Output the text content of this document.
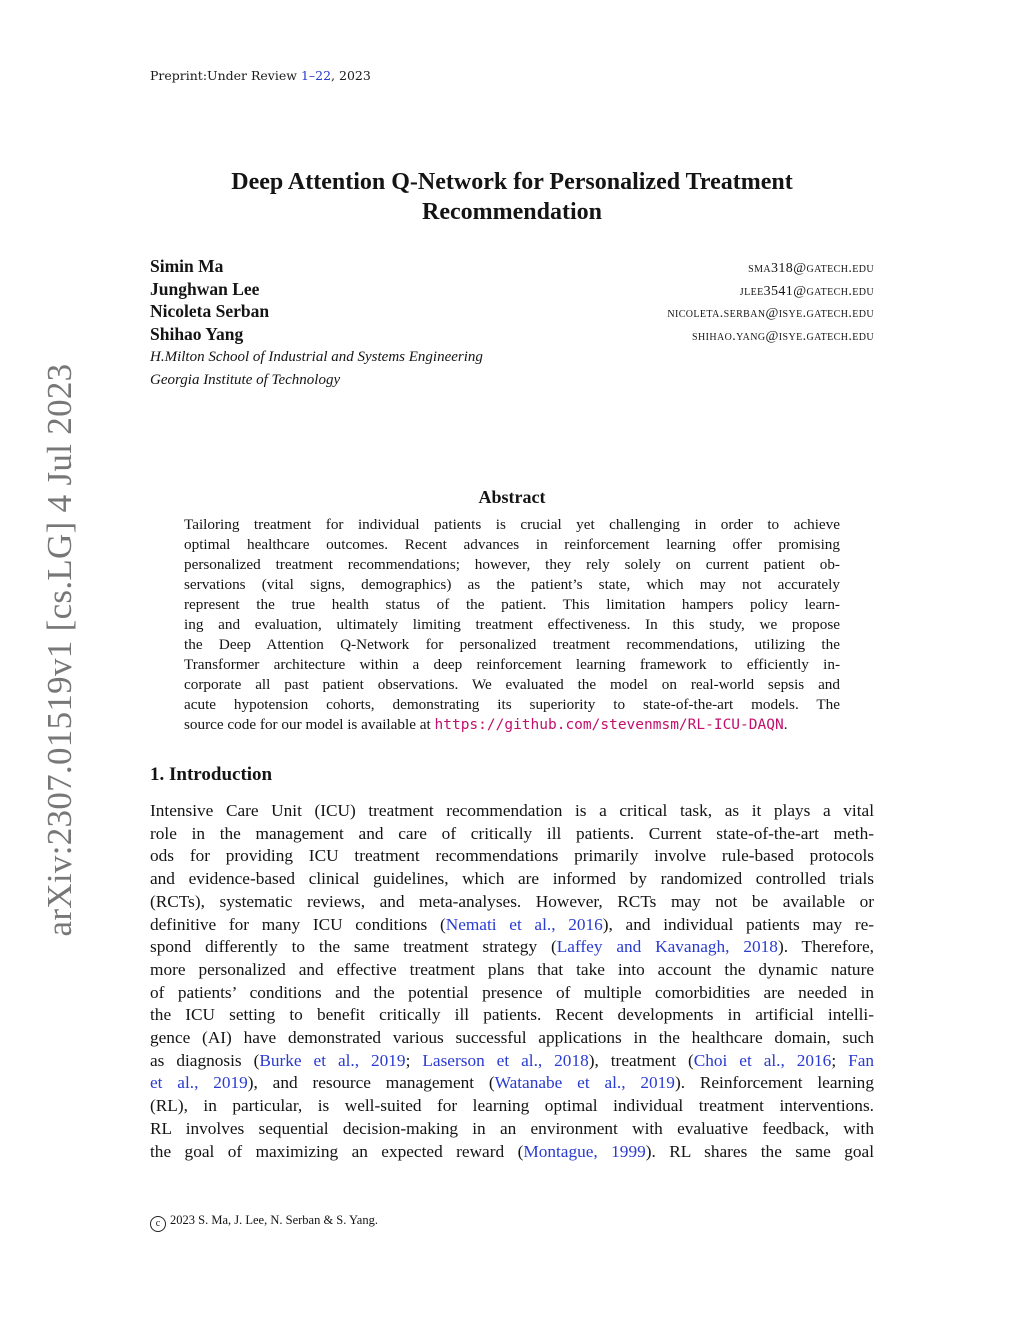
Preprint:Under Review 1–22, 2023
arXiv:2307.01519v1 [cs.LG] 4 Jul 2023
Deep Attention Q-Network for Personalized Treatment
Recommendation
Simin Ma	sma318@gatech.edu
Junghwan Lee	jlee3541@gatech.edu
Nicoleta Serban	nicoleta.serban@isye.gatech.edu
Shihao Yang	shihao.yang@isye.gatech.edu
H.Milton School of Industrial and Systems Engineering
Georgia Institute of Technology
Abstract
Tailoring treatment for individual patients is crucial yet challenging in order to achieve
optimal healthcare outcomes. Recent advances in reinforcement learning offer promising
personalized treatment recommendations; however, they rely solely on current patient ob-
servations (vital signs, demographics) as the patient’s state, which may not accurately
represent the true health status of the patient. This limitation hampers policy learn-
ing and evaluation, ultimately limiting treatment effectiveness. In this study, we propose
the Deep Attention Q-Network for personalized treatment recommendations, utilizing the
Transformer architecture within a deep reinforcement learning framework to efficiently in-
corporate all past patient observations. We evaluated the model on real-world sepsis and
acute hypotension cohorts, demonstrating its superiority to state-of-the-art models. The
source code for our model is available at https://github.com/stevenmsm/RL-ICU-DAQN.
1. Introduction
Intensive Care Unit (ICU) treatment recommendation is a critical task, as it plays a vital
role in the management and care of critically ill patients. Current state-of-the-art meth-
ods for providing ICU treatment recommendations primarily involve rule-based protocols
and evidence-based clinical guidelines, which are informed by randomized controlled trials
(RCTs), systematic reviews, and meta-analyses. However, RCTs may not be available or
definitive for many ICU conditions (Nemati et al., 2016), and individual patients may re-
spond differently to the same treatment strategy (Laffey and Kavanagh, 2018). Therefore,
more personalized and effective treatment plans that take into account the dynamic nature
of patients’ conditions and the potential presence of multiple comorbidities are needed in
the ICU setting to benefit critically ill patients. Recent developments in artificial intelli-
gence (AI) have demonstrated various successful applications in the healthcare domain, such
as diagnosis (Burke et al., 2019; Laserson et al., 2018), treatment (Choi et al., 2016; Fan
et al., 2019), and resource management (Watanabe et al., 2019). Reinforcement learning
(RL), in particular, is well-suited for learning optimal individual treatment interventions.
RL involves sequential decision-making in an environment with evaluative feedback, with
the goal of maximizing an expected reward (Montague, 1999). RL shares the same goal
c 2023 S. Ma, J. Lee, N. Serban & S. Yang.
